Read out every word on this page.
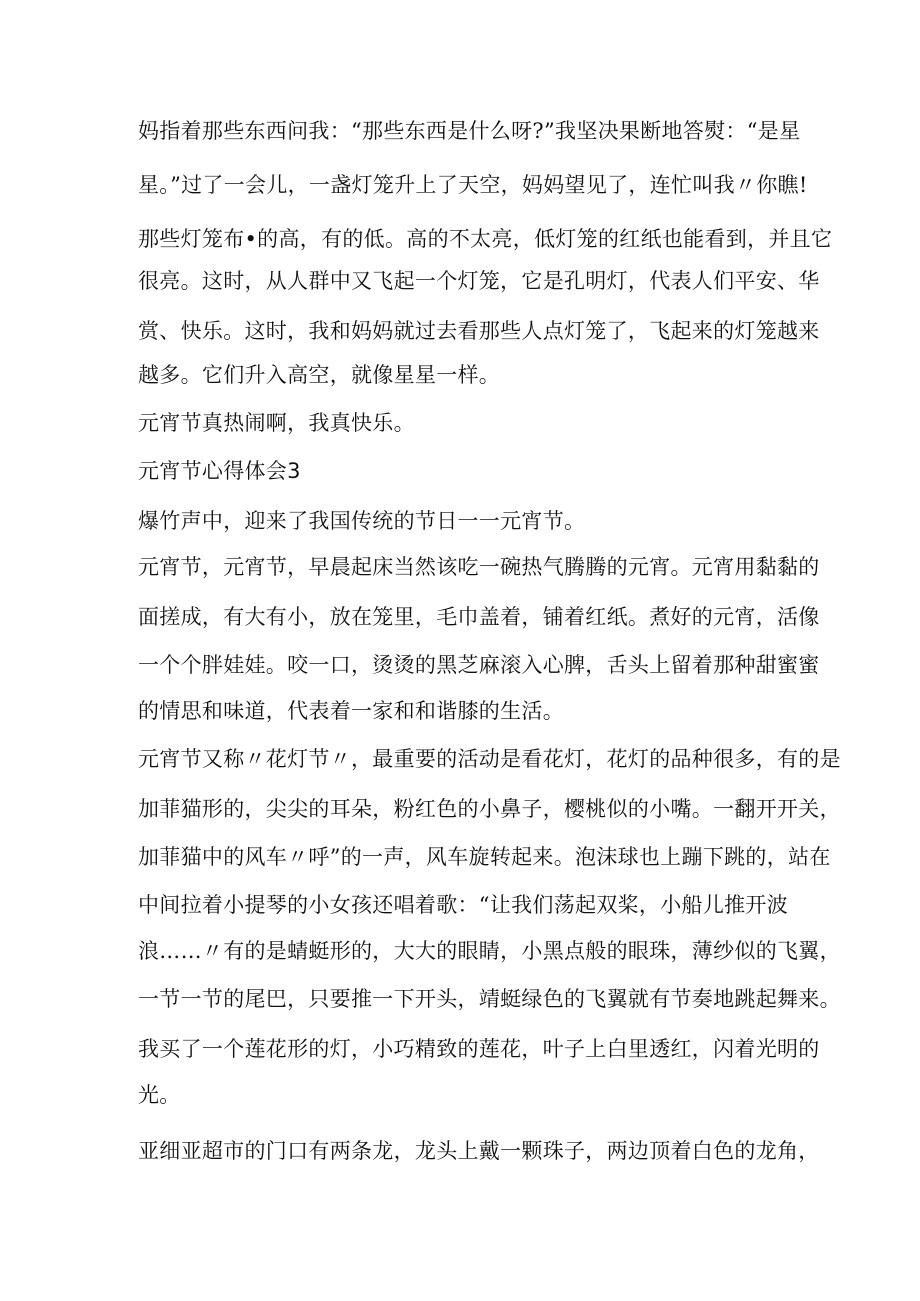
妈指着那些东西问我：“那些东西是什么呀?”我坚决果断地答熨：“是星
星。”过了一会儿，一盏灯笼升上了天空，妈妈望见了，连忙叫我〃你瞧!
那些灯笼布•的高，有的低。高的不太亮，低灯笼的红纸也能看到，并且它
很亮。这时，从人群中又飞起一个灯笼，它是孔明灯，代表人们平安、华
赏、快乐。这时，我和妈妈就过去看那些人点灯笼了，飞起来的灯笼越来
越多。它们升入高空，就像星星一样。
元宵节真热闹啊，我真快乐。
元宵节心得体会3
爆竹声中，迎来了我国传统的节日一一元宵节。
元宵节，元宵节，早晨起床当然该吃一碗热气腾腾的元宵。元宵用黏黏的
面搓成，有大有小，放在笼里，毛巾盖着，铺着红纸。煮好的元宵，活像
一个个胖娃娃。咬一口，烫烫的黑芝麻滚入心脾，舌头上留着那种甜蜜蜜
的情思和味道，代表着一家和和谐膝的生活。
元宵节又称〃花灯节〃，最重要的活动是看花灯，花灯的品种很多，有的是
加菲猫形的，尖尖的耳朵，粉红色的小鼻子，樱桃似的小嘴。一翻开开关，
加菲猫中的风车〃呼”的一声，风车旋转起来。泡沫球也上蹦下跳的，站在
中间拉着小提琴的小女孩还唱着歌：“让我们荡起双桨，小船儿推开波
浪……〃有的是蜻蜓形的，大大的眼睛，小黑点般的眼珠，薄纱似的飞翼，
一节一节的尾巴，只要推一下开头，靖蜓绿色的飞翼就有节奏地跳起舞来。
我买了一个莲花形的灯，小巧精致的莲花，叶子上白里透红，闪着光明的
光。
亚细亚超市的门口有两条龙，龙头上戴一颗珠子，两边顶着白色的龙角，
